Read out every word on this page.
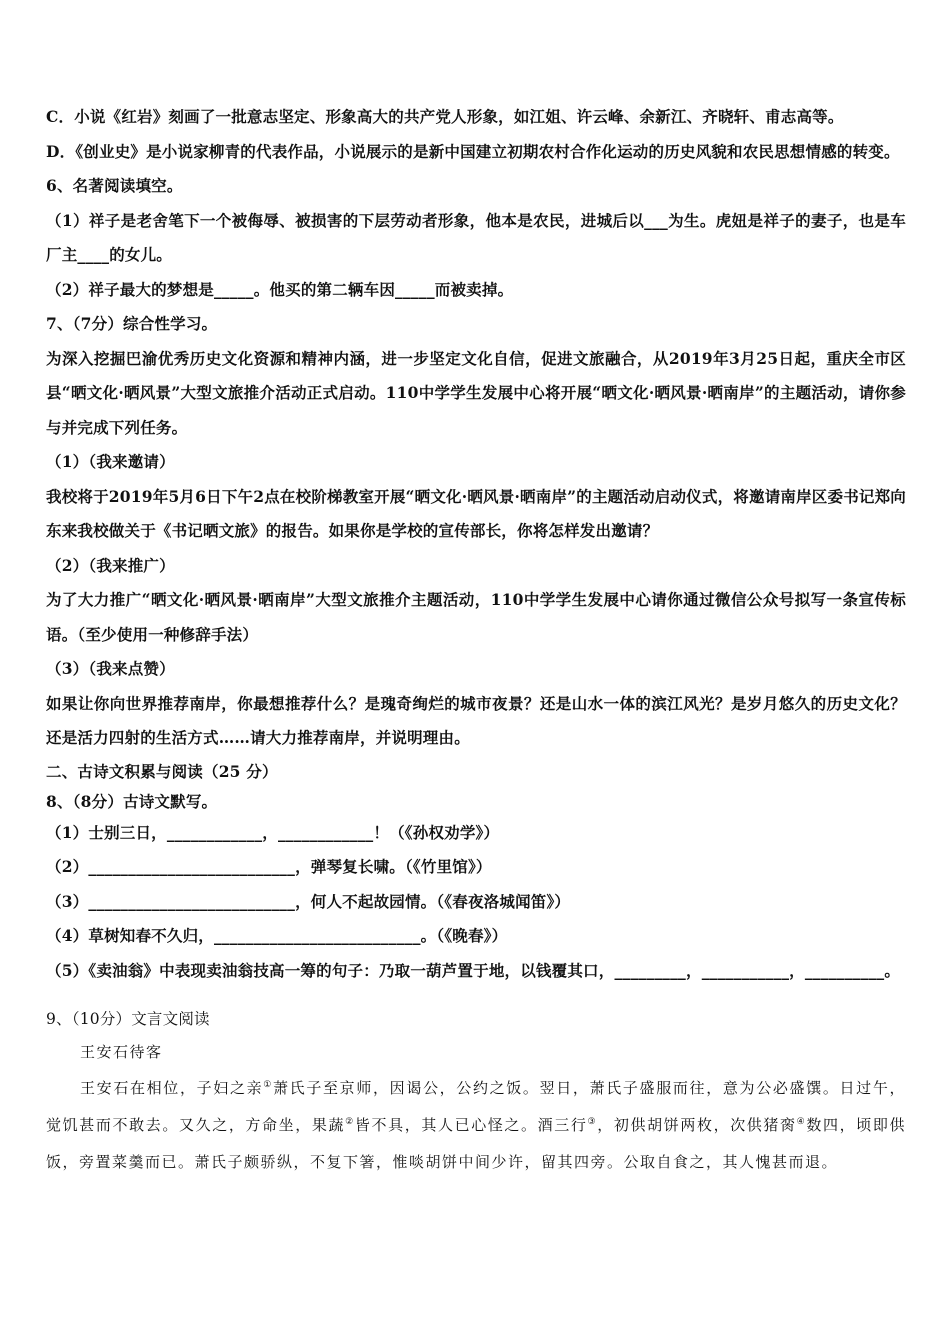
C．小说《红岩》刻画了一批意志坚定、形象高大的共产党人形象，如江姐、许云峰、余新江、齐晓轩、甫志高等。
D．《创业史》是小说家柳青的代表作品，小说展示的是新中国建立初期农村合作化运动的历史风貌和农民思想情感的转变。
6、名著阅读填空。
（1）祥子是老舍笔下一个被侮辱、被损害的下层劳动者形象，他本是农民，进城后以___为生。虎妞是祥子的妻子，也是车厂主____的女儿。
（2）祥子最大的梦想是_____。他买的第二辆车因_____而被卖掉。
7、（7分）综合性学习。
为深入挖掘巴渝优秀历史文化资源和精神内涵，进一步坚定文化自信，促进文旅融合，从2019年3月25日起，重庆全市区县“晒文化·晒风景”大型文旅推介活动正式启动。110中学学生发展中心将开展“晒文化·晒风景·晒南岸”的主题活动，请你参与并完成下列任务。
（1）（我来邀请）
我校将于2019年5月6日下午2点在校阶梯教室开展“晒文化·晒风景·晒南岸”的主题活动启动仪式，将邀请南岸区委书记郑向东来我校做关于《书记晒文旅》的报告。如果你是学校的宣传部长，你将怎样发出邀请？
（2）（我来推广）
为了大力推广“晒文化·晒风景·晒南岸”大型文旅推介主题活动，110中学学生发展中心请你通过微信公众号拟写一条宣传标语。（至少使用一种修辞手法）
（3）（我来点赞）
如果让你向世界推荐南岸，你最想推荐什么？是瑰奇绚烂的城市夜景？还是山水一体的滨江风光？是岁月悠久的历史文化？还是活力四射的生活方式……请大力推荐南岸，并说明理由。
二、古诗文积累与阅读（25 分）
8、（8分）古诗文默写。
（1）士别三日，____________，____________！（《孙权劝学》）
（2）__________________________，弹琴复长啸。（《竹里馆》）
（3）__________________________，何人不起故园情。（《春夜洛城闻笛》）
（4）草树知春不久归，__________________________。（《晚春》）
（5）《卖油翁》中表现卖油翁技高一筹的句子：乃取一葫芦置于地，以钱覆其口，_________，___________，__________。
9、（10分）文言文阅读
王安石待客
王安石在相位，子妇之亲①萧氏子至京师，因谒公，公约之饭。翌日，萧氏子盛服而往，意为公必盛馔。日过午，觉饥甚而不敢去。又久之，方命坐，果蔬②皆不具，其人已心怪之。酒三行③，初供胡饼两枚，次供猪脔④数四，顷即供饭，旁置菜羹而已。萧氏子颇骄纵，不复下箸，惟啖胡饼中间少许，留其四旁。公取自食之，其人愧甚而退。
